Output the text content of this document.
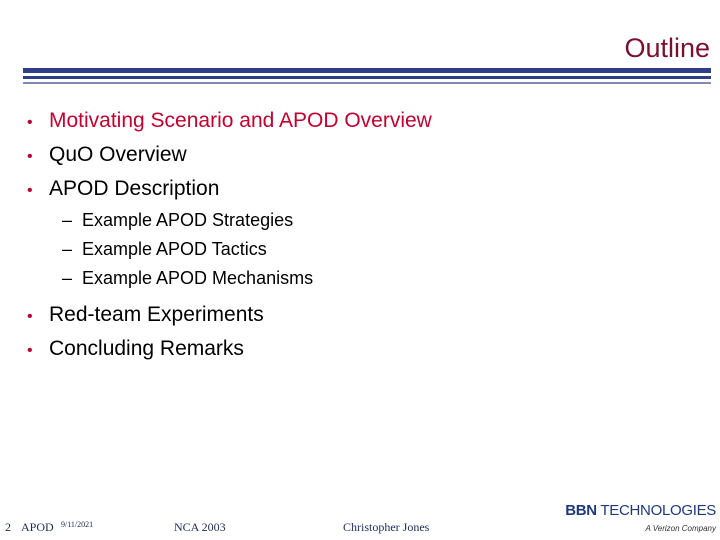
Outline
• Motivating Scenario and APOD Overview
• QuO Overview
• APOD Description
– Example APOD Strategies
– Example APOD Tactics
– Example APOD Mechanisms
• Red-team Experiments
• Concluding Remarks
2 APOD 9/11/2021	NCA 2003	Christopher Jones
BBN TECHNOLOGIES
A Verizon Company
